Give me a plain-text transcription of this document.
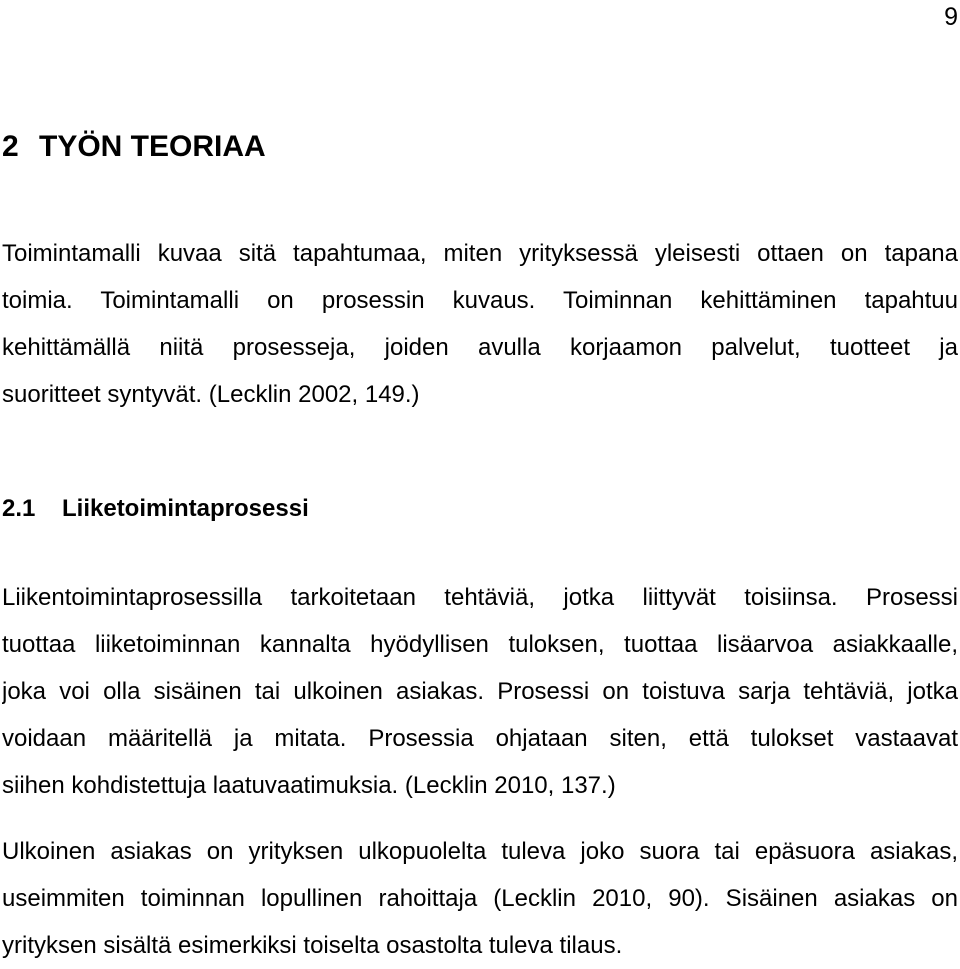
9
2 TYÖN TEORIAA

Toimintamalli kuvaa sitä tapahtumaa, miten yrityksessä yleisesti ottaen on tapana
toimia. Toimintamalli on prosessin kuvaus. Toiminnan kehittäminen tapahtuu
kehittämällä niitä prosesseja, joiden avulla korjaamon palvelut, tuotteet ja
suoritteet syntyvät. (Lecklin 2002, 149.)

2.1 Liiketoimintaprosessi

Liikentoimintaprosessilla tarkoitetaan tehtäviä, jotka liittyvät toisiinsa. Prosessi
tuottaa liiketoiminnan kannalta hyödyllisen tuloksen, tuottaa lisäarvoa asiakkaalle,
joka voi olla sisäinen tai ulkoinen asiakas. Prosessi on toistuva sarja tehtäviä, jotka
voidaan määritellä ja mitata. Prosessia ohjataan siten, että tulokset vastaavat
siihen kohdistettuja laatuvaatimuksia. (Lecklin 2010, 137.)

Ulkoinen asiakas on yrityksen ulkopuolelta tuleva joko suora tai epäsuora asiakas,
useimmiten toiminnan lopullinen rahoittaja (Lecklin 2010, 90). Sisäinen asiakas on
yrityksen sisältä esimerkiksi toiselta osastolta tuleva tilaus.
